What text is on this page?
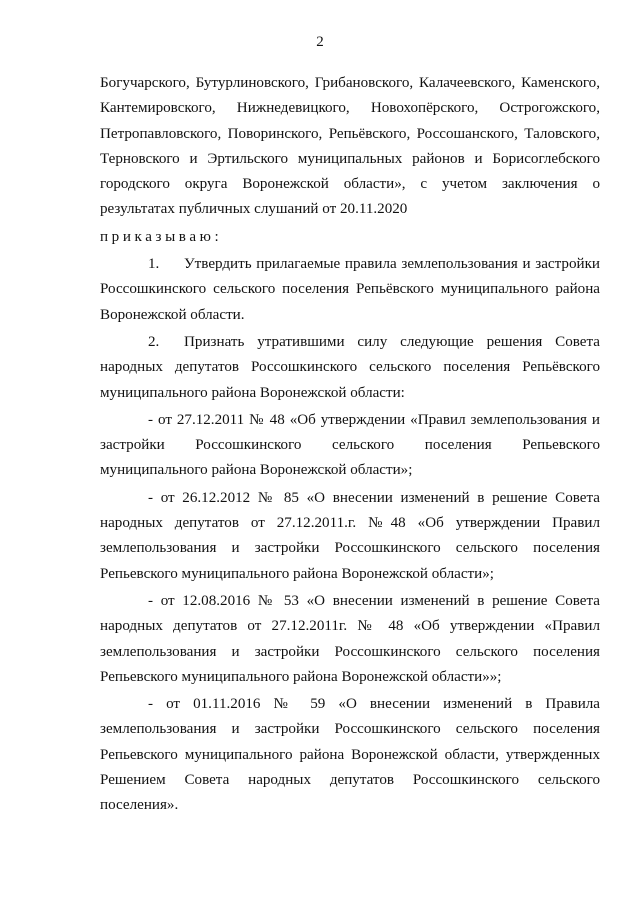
2

Богучарского, Бутурлиновского, Грибановского, Калачеевского, Каменского, Кантемировского, Нижнедевицкого, Новохопёрского, Острогожского, Петропавловского, Поворинского, Репьёвского, Россошанского, Таловского, Терновского и Эртильского муниципальных районов и Борисоглебского городского округа Воронежской области», с учетом заключения о результатах публичных слушаний от 20.11.2020

приказываю:

1. Утвердить прилагаемые правила землепользования и застройки Россошкинского сельского поселения Репьёвского муниципального района Воронежской области.

2. Признать утратившими силу следующие решения Совета народных депутатов Россошкинского сельского поселения Репьёвского муниципального района Воронежской области:

- от 27.12.2011 № 48 «Об утверждении «Правил землепользования и застройки Россошкинского сельского поселения Репьевского муниципального района Воронежской области»;

- от 26.12.2012 № 85 «О внесении изменений в решение Совета народных депутатов от 27.12.2011.г. №48 «Об утверждении Правил землепользования и застройки Россошкинского сельского поселения Репьевского муниципального района Воронежской области»;

- от 12.08.2016 № 53 «О внесении изменений в решение Совета народных депутатов от 27.12.2011г. № 48 «Об утверждении «Правил землепользования и застройки Россошкинского сельского поселения Репьевского муниципального района Воронежской области»»;

- от 01.11.2016 № 59 «О внесении изменений в Правила землепользования и застройки Россошкинского сельского поселения Репьевского муниципального района Воронежской области, утвержденных Решением Совета народных депутатов Россошкинского сельского поселения».
